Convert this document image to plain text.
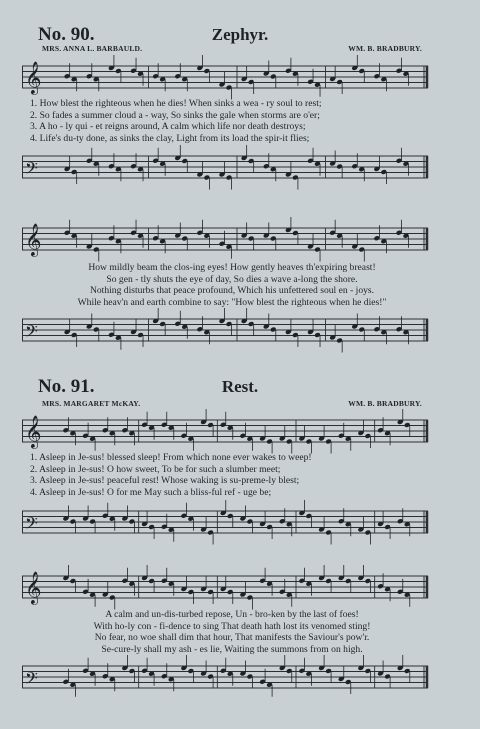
No. 90.	Zephyr.
MRS. ANNA L. BARBAULD.	WM. B. BRADBURY.
𝄞
1. How blest the righteous when he dies! When sinks a wea - ry soul to rest;
2. So fades a summer cloud a - way, So sinks the gale when storms are o'er;
3. A ho - ly qui - et reigns around, A calm which life nor death destroys;
4. Life's du-ty done, as sinks the clay, Light from its load the spir-it flies;
𝄢
𝄞
How mildly beam the clos-ing eyes! How gently heaves th'expiring breast!
So gen - tly shuts the eye of day, So dies a wave a-long the shore.
Nothing disturbs that peace profound, Which his unfettered soul en - joys.
While heav'n and earth combine to say: "How blest the righteous when he dies!"
𝄢
No. 91.	Rest.
MRS. MARGARET McKAY.	WM. B. BRADBURY.
𝄞
1. Asleep in Je-sus! blessed sleep! From which none ever wakes to weep!
2. Asleep in Je-sus! O how sweet, To be for such a slumber meet;
3. Asleep in Je-sus! peaceful rest! Whose waking is su-preme-ly blest;
4. Asleep in Je-sus! O for me May such a bliss-ful ref - uge be;
𝄢
𝄞
A calm and un-dis-turbed repose, Un - bro-ken by the last of foes!
With ho-ly con - fi-dence to sing That death hath lost its venomed sting!
No fear, no woe shall dim that hour, That manifests the Saviour's pow'r.
Se-cure-ly shall my ash - es lie, Waiting the summons from on high.
𝄢
